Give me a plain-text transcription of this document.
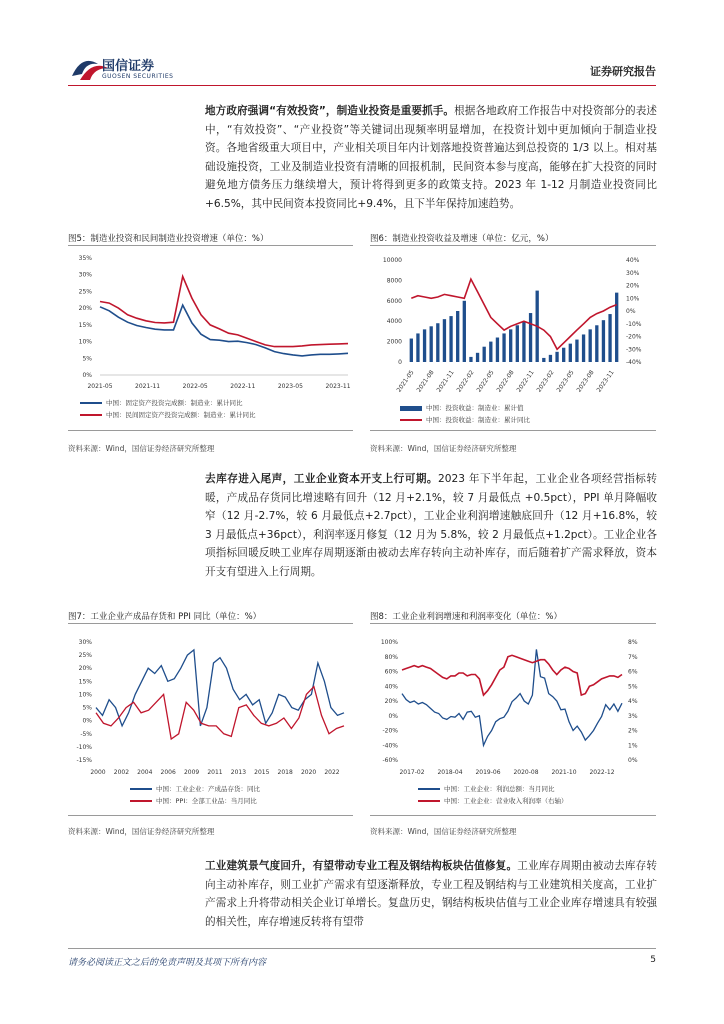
国信证券
GUOSEN SECURITIES	证券研究报告
地方政府强调“有效投资”，制造业投资是重要抓手。根据各地政府工作报告中对投资部分的表述中，“有效投资”、“产业投资”等关键词出现频率明显增加，在投资计划中更加倾向于制造业投资。各地省级重大项目中，产业相关项目年内计划落地投资普遍达到总投资的 1/3 以上。相对基础设施投资，工业及制造业投资有清晰的回报机制，民间资本参与度高，能够在扩大投资的同时避免地方债务压力继续增大，预计将得到更多的政策支持。2023 年 1-12 月制造业投资同比 +6.5%，其中民间资本投资同比+9.4%，且下半年保持加速趋势。
图5：制造业投资和民间制造业投资增速（单位：%）
35%
30%
25%
20%
15%
10%
5%
0%
2021-05	2021-11	2022-05	2022-11	2023-05	2023-11
中国：固定资产投资完成额：制造业：累计同比
中国：民间固定资产投资完成额：制造业：累计同比
资料来源：Wind，国信证券经济研究所整理
图6：制造业投资收益及增速（单位：亿元，%）
10000
8000
6000
4000
2000
0
40%
30%
20%
10%
0%
-10%
-20%
-30%
-40%
2021-05 2021-08 2021-11 2022-02 2022-05 2022-08 2022-11 2023-02 2023-05 2023-08 2023-11
中国：投资收益：制造业：累计值
中国：投资收益：制造业：累计同比
资料来源：Wind，国信证券经济研究所整理
去库存进入尾声，工业企业资本开支上行可期。2023 年下半年起，工业企业各项经营指标转暖，产成品存货同比增速略有回升（12 月+2.1%，较 7 月最低点 +0.5pct），PPI 单月降幅收窄（12 月-2.7%，较 6 月最低点+2.7pct），工业企业利润增速触底回升（12 月+16.8%，较 3 月最低点+36pct），利润率逐月修复（12 月为 5.8%，较 2 月最低点+1.2pct）。工业企业各项指标回暖反映工业库存周期逐渐由被动去库存转向主动补库存，而后随着扩产需求释放，资本开支有望进入上行周期。
图7：工业企业产成品存货和 PPI 同比（单位：%）
30%
25%
20%
15%
10%
5%
0%
-5%
-10%
-15%
2000 2002 2004 2006 2009 2011 2013 2015 2018 2020 2022
中国：工业企业：产成品存货：同比
中国：PPI：全部工业品：当月同比
资料来源：Wind，国信证券经济研究所整理
图8：工业企业利润增速和利润率变化（单位：%）
100%
80%
60%
40%
20%
0%
-20%
-40%
-60%
8%
7%
6%
5%
4%
3%
2%
1%
0%
2017-02 2018-04 2019-06 2020-08 2021-10 2022-12
中国：工业企业：利润总额：当月同比
中国：工业企业：营业收入利润率（右轴）
资料来源：Wind，国信证券经济研究所整理
工业建筑景气度回升，有望带动专业工程及钢结构板块估值修复。工业库存周期由被动去库存转向主动补库存，则工业扩产需求有望逐渐释放，专业工程及钢结构与工业建筑相关度高，工业扩产需求上升将带动相关企业订单增长。复盘历史，钢结构板块估值与工业企业库存增速具有较强的相关性，库存增速反转将有望带
请务必阅读正文之后的免责声明及其项下所有内容	5
